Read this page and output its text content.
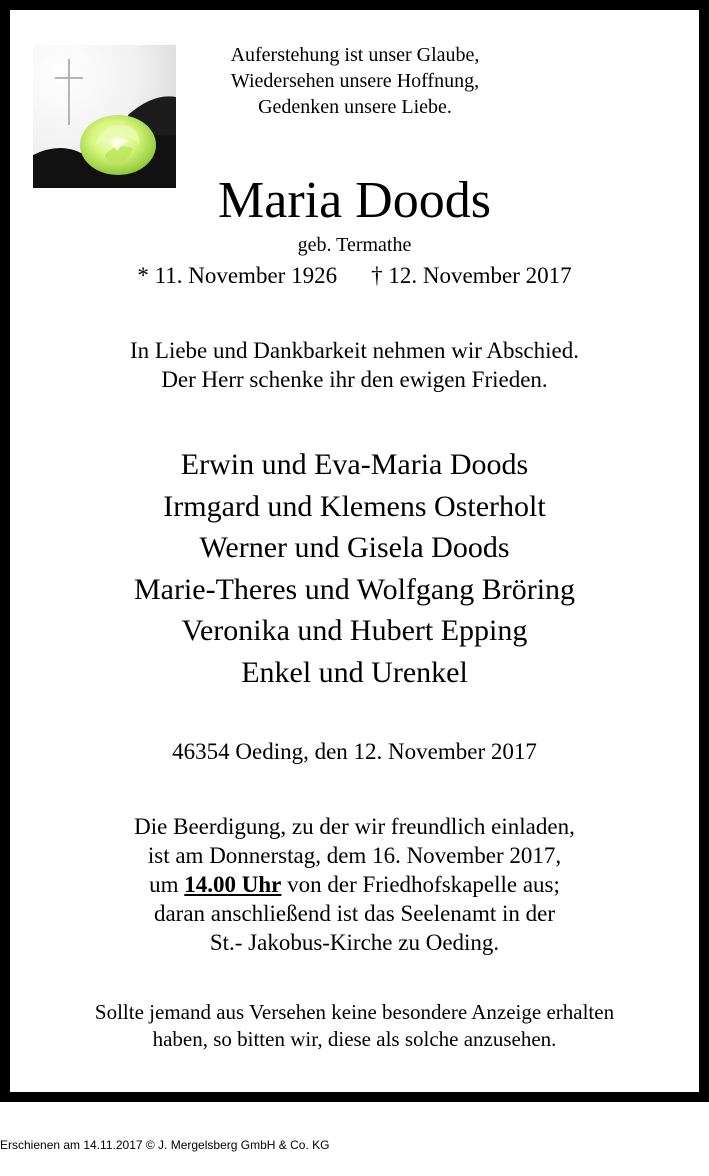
Auferstehung ist unser Glaube,
Wiedersehen unsere Hoffnung,
Gedenken unsere Liebe.
Maria Doods
geb. Termathe
* 11. November 1926 † 12. November 2017
In Liebe und Dankbarkeit nehmen wir Abschied.
Der Herr schenke ihr den ewigen Frieden.
Erwin und Eva-Maria Doods
Irmgard und Klemens Osterholt
Werner und Gisela Doods
Marie-Theres und Wolfgang Bröring
Veronika und Hubert Epping
Enkel und Urenkel
46354 Oeding, den 12. November 2017
Die Beerdigung, zu der wir freundlich einladen,
ist am Donnerstag, dem 16. November 2017,
um 14.00 Uhr von der Friedhofskapelle aus;
daran anschließend ist das Seelenamt in der
St.- Jakobus-Kirche zu Oeding.
Sollte jemand aus Versehen keine besondere Anzeige erhalten
haben, so bitten wir, diese als solche anzusehen.
Erschienen am 14.11.2017 © J. Mergelsberg GmbH & Co. KG
